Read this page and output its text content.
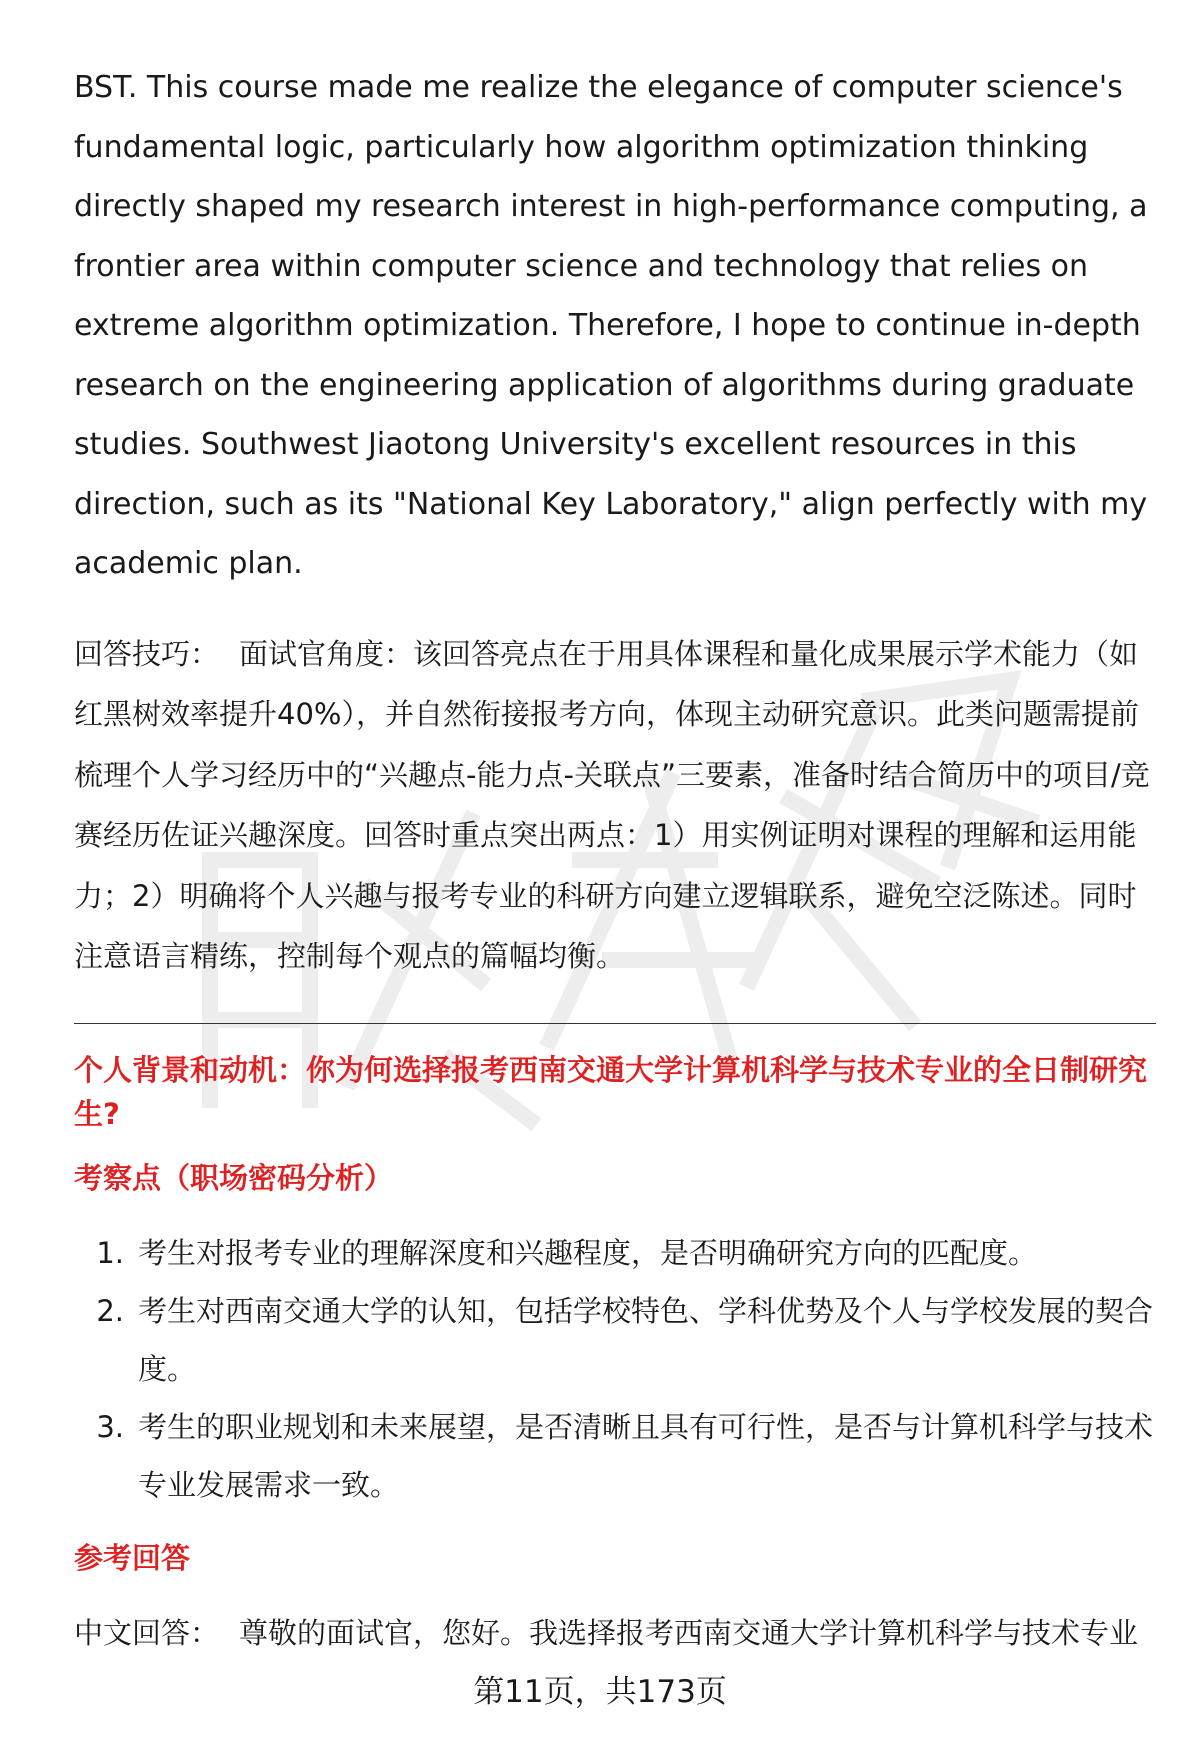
BST. This course made me realize the elegance of computer science's fundamental logic, particularly how algorithm optimization thinking directly shaped my research interest in high-performance computing, a frontier area within computer science and technology that relies on extreme algorithm optimization. Therefore, I hope to continue in-depth research on the engineering application of algorithms during graduate studies. Southwest Jiaotong University's excellent resources in this direction, such as its "National Key Laboratory," align perfectly with my academic plan.

回答技巧： 面试官角度：该回答亮点在于用具体课程和量化成果展示学术能力（如红黑树效率提升40%），并自然衔接报考方向，体现主动研究意识。此类问题需提前梳理个人学习经历中的“兴趣点-能力点-关联点”三要素，准备时结合简历中的项目/竞赛经历佐证兴趣深度。回答时重点突出两点：1）用实例证明对课程的理解和运用能力；2）明确将个人兴趣与报考专业的科研方向建立逻辑联系，避免空泛陈述。同时注意语言精练，控制每个观点的篇幅均衡。
个人背景和动机：你为何选择报考西南交通大学计算机科学与技术专业的全日制研究生?
考察点（职场密码分析）
1. 考生对报考专业的理解深度和兴趣程度，是否明确研究方向的匹配度。
2. 考生对西南交通大学的认知，包括学校特色、学科优势及个人与学校发展的契合度。
3. 考生的职业规划和未来展望，是否清晰且具有可行性，是否与计算机科学与技术专业发展需求一致。
参考回答
中文回答： 尊敬的面试官，您好。我选择报考西南交通大学计算机科学与技术专业
第11页，共173页
